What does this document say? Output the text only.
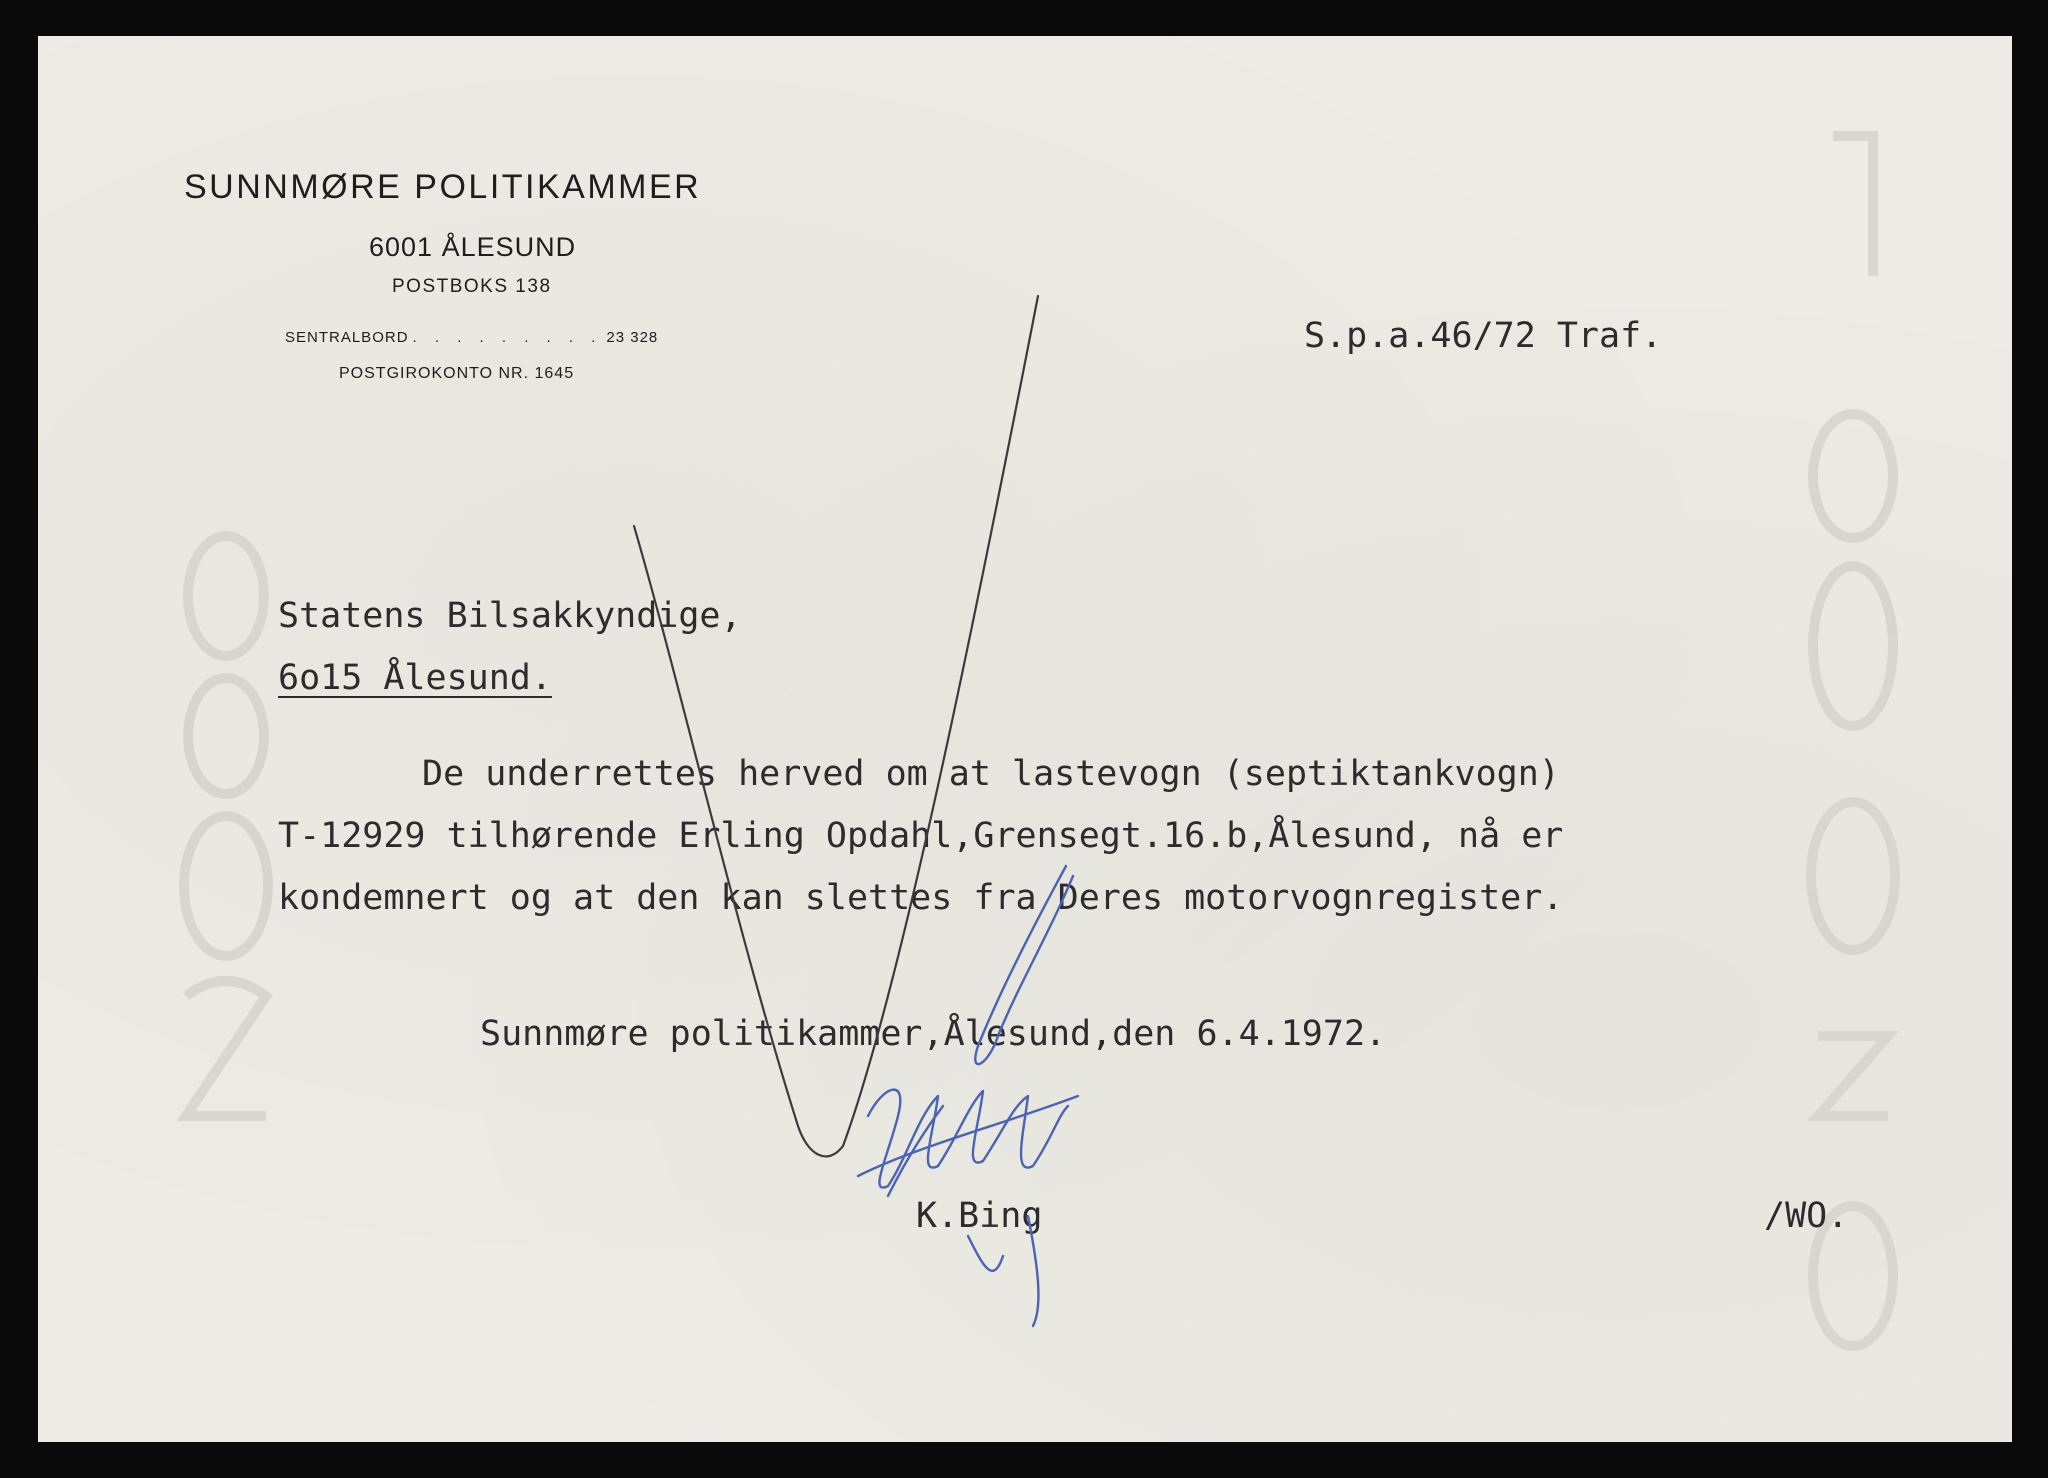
SUNNMØRE POLITIKAMMER
6001 ÅLESUND
POSTBOKS 138
SENTRALBORD . . . . . . . . . 23 328
POSTGIROKONTO NR. 1645
S.p.a.46/72 Traf.
Statens Bilsakkyndige,
6o15 Ålesund.
De underrettes herved om at lastevogn (septiktankvogn)
T-12929 tilhørende Erling Opdahl,Grensegt.16.b,Ålesund, nå er
kondemnert og at den kan slettes fra Deres motorvognregister.
Sunnmøre politikammer,Ålesund,den 6.4.1972.
K.Bing	/WO.
